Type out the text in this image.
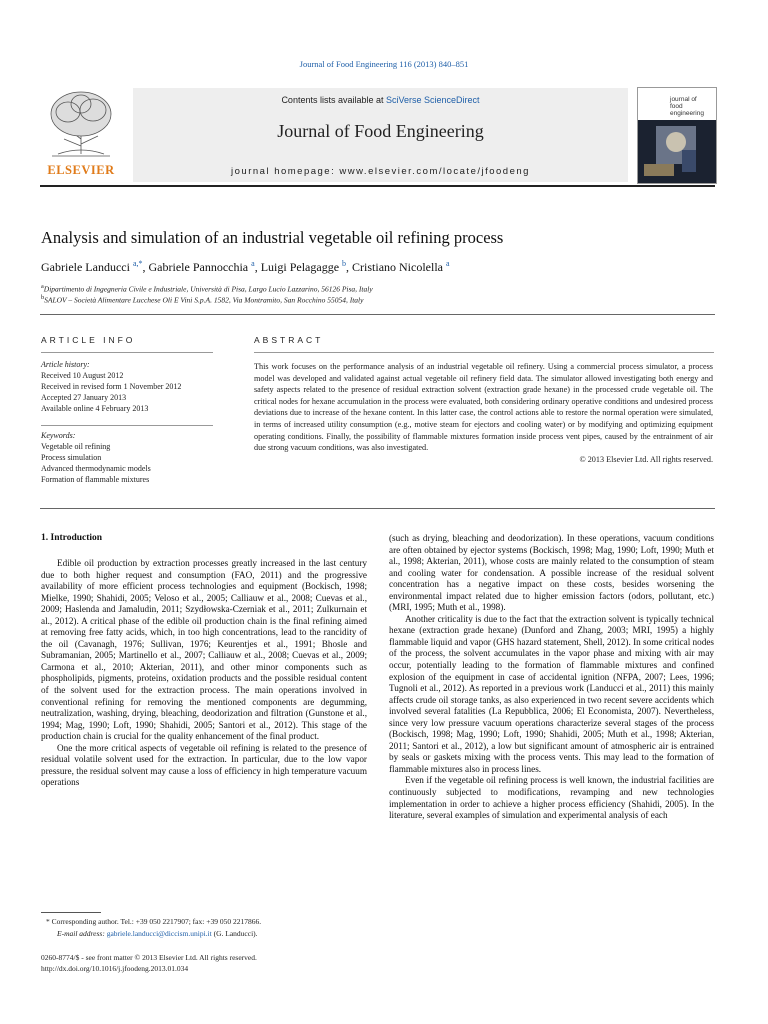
Journal of Food Engineering 116 (2013) 840–851
ELSEVIER
Contents lists available at SciVerse ScienceDirect
Journal of Food Engineering
journal homepage: www.elsevier.com/locate/jfoodeng
journal of
food engineering
Analysis and simulation of an industrial vegetable oil refining process
Gabriele Landucci $^{a,*}$, Gabriele Pannocchia $^a$, Luigi Pelagagge $^b$, Cristiano Nicolella $^a$
$^a$Dipartimento di Ingegneria Civile e Industriale, Università di Pisa, Largo Lucio Lazzarino, 56126 Pisa, Italy
$^b$SALOV – Società Alimentare Lucchese Oli E Vini S.p.A. 1582, Via Montramito, San Rocchino 55054, Italy
ARTICLE INFO
Article history:
Received 10 August 2012
Received in revised form 1 November 2012
Accepted 27 January 2013
Available online 4 February 2013
Keywords:
Vegetable oil refining
Process simulation
Advanced thermodynamic models
Formation of flammable mixtures
ABSTRACT
This work focuses on the performance analysis of an industrial vegetable oil refinery. Using a commercial process simulator, a process model was developed and validated against actual vegetable oil refinery field data. The simulator allowed investigating both energy and safety aspects related to the presence of residual extraction solvent (extraction grade hexane) in the processed crude vegetable oil. The critical nodes for hexane accumulation in the process were evaluated, both considering ordinary operative conditions and undesired process deviations due to increase of the hexane content. In this latter case, the control actions able to restore the normal operation were simulated, in terms of increased utility consumption (e.g., motive steam for ejectors and cooling water) or by modifying and optimizing equipment operating conditions. Finally, the possibility of flammable mixtures formation inside process vent pipes, caused by the entrainment of air due strong vacuum conditions, was also investigated.
© 2013 Elsevier Ltd. All rights reserved.
1. Introduction

Edible oil production by extraction processes greatly increased in the last century due to both higher request and consumption (FAO, 2011) and the progressive availability of more efficient process technologies and equipment (Bockisch, 1998; Mielke, 1990; Shahidi, 2005; Veloso et al., 2005; Calliauw et al., 2008; Cuevas et al., 2009; Haslenda and Jamaludin, 2011; Szydłowska-Czerniak et al., 2011; Zulkurnain et al., 2012). A critical phase of the edible oil production chain is the final refining aimed at removing free fatty acids, which, in too high concentrations, lead to the rancidity of the oil (Cavanagh, 1976; Sullivan, 1976; Keurentjes et al., 1991; Bhosle and Subramanian, 2005; Martinello et al., 2007; Calliauw et al., 2008; Cuevas et al., 2009; Carmona et al., 2010; Akterian, 2011), and other minor components such as phospholipids, pigments, proteins, oxidation products and the possible residual content of the solvent used for the extraction process. The main operations involved in conventional refining for removing the mentioned components are degumming, neutralization, washing, drying, bleaching, deodorization and filtration (Gunstone et al., 1994; Mag, 1990; Loft, 1990; Shahidi, 2005; Santori et al., 2012). This stage of the production chain is crucial for the quality enhancement of the final product.

One the more critical aspects of vegetable oil refining is related to the presence of residual volatile solvent used for the extraction. In particular, due to the low vapor pressure, the residual solvent may cause a loss of efficiency in high temperature vacuum operations

(such as drying, bleaching and deodorization). In these operations, vacuum conditions are often obtained by ejector systems (Bockisch, 1998; Mag, 1990; Loft, 1990; Muth et al., 1998; Akterian, 2011), whose costs are mainly related to the consumption of steam and cooling water for condensation. A possible increase of the residual solvent concentration has a negative impact on these costs, besides worsening the environmental impact related due to higher emission factors (odors, pollutant, etc.) (MRI, 1995; Muth et al., 1998).

Another criticality is due to the fact that the extraction solvent is typically technical hexane (extraction grade hexane) (Dunford and Zhang, 2003; MRI, 1995) a highly flammable liquid and vapor (GHS hazard statement, Shell, 2012). In some critical nodes of the process, the solvent accumulates in the vapor phase and mixing with air may occur, potentially leading to the formation of flammable mixtures and confined explosion of the equipment in case of accidental ignition (NFPA, 2007; Lees, 1996; Tugnoli et al., 2012). As reported in a previous work (Landucci et al., 2011) this mainly affects crude oil storage tanks, as also experienced in two recent severe accidents which involved several fatalities (La Repubblica, 2006; El Economista, 2007). Nevertheless, since very low pressure vacuum operations characterize several stages of the process (Bockisch, 1998; Mag, 1990; Loft, 1990; Shahidi, 2005; Muth et al., 1998; Akterian, 2011; Santori et al., 2012), a low but significant amount of atmospheric air is entrained by seals or gaskets mixing with the process vents. This may lead to the formation of flammable mixtures also in process lines.

Even if the vegetable oil refining process is well known, the industrial facilities are continuously subjected to modifications, revamping and new technologies implementation in order to achieve a higher process efficiency (Shahidi, 2005). In the literature, several examples of simulation and experimental analysis of each

* Corresponding author. Tel.: +39 050 2217907; fax: +39 050 2217866.
E-mail address: gabriele.landucci@diccism.unipi.it (G. Landucci).
0260-8774/$ - see front matter © 2013 Elsevier Ltd. All rights reserved.
http://dx.doi.org/10.1016/j.jfoodeng.2013.01.034
